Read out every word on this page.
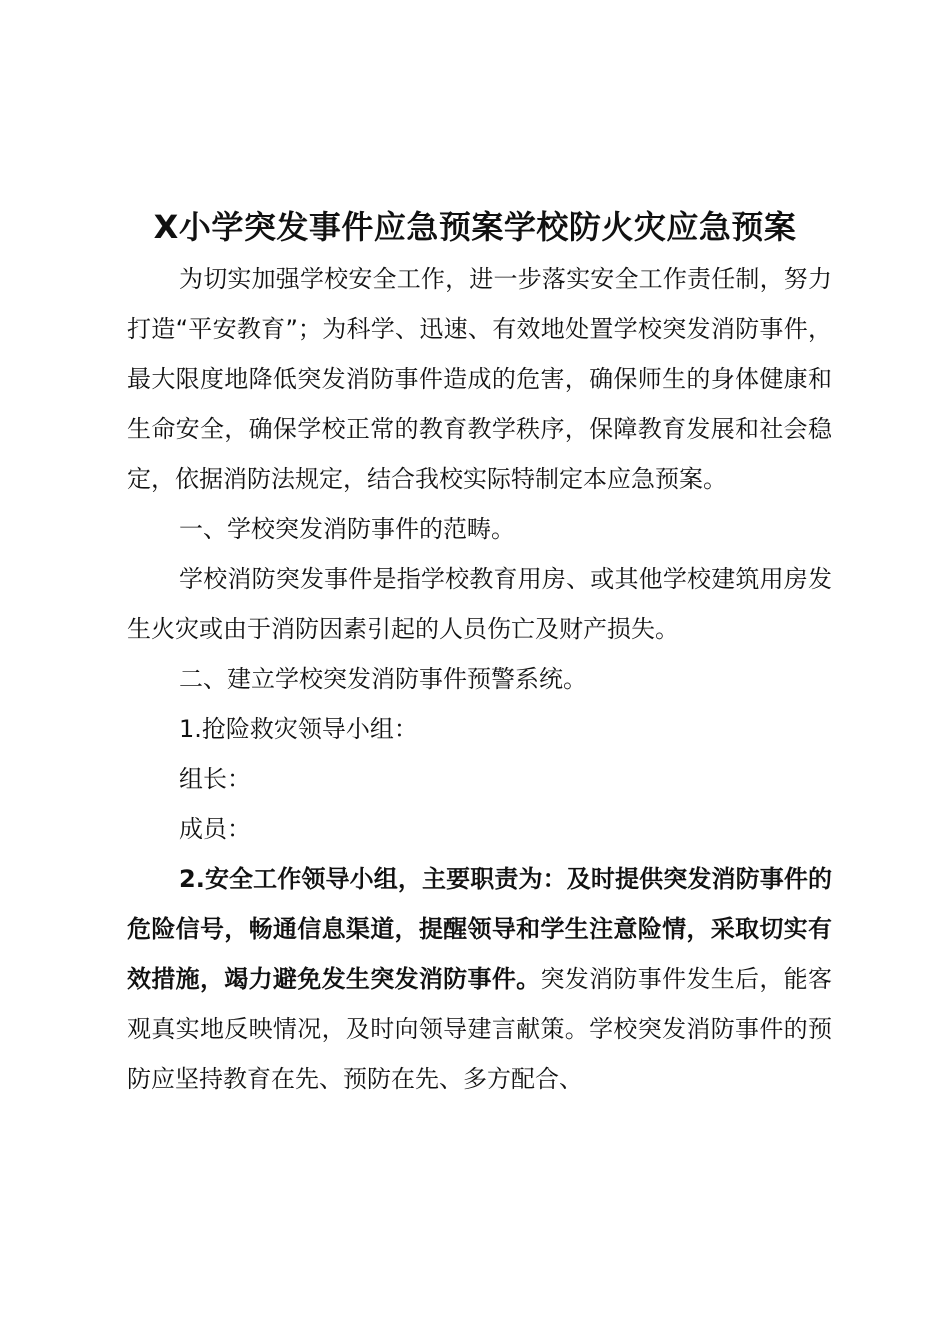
X小学突发事件应急预案学校防火灾应急预案

为切实加强学校安全工作，进一步落实安全工作责任制，努力打造“平安教育”；为科学、迅速、有效地处置学校突发消防事件，最大限度地降低突发消防事件造成的危害，确保师生的身体健康和生命安全，确保学校正常的教育教学秩序，保障教育发展和社会稳定，依据消防法规定，结合我校实际特制定本应急预案。

一、学校突发消防事件的范畴。

学校消防突发事件是指学校教育用房、或其他学校建筑用房发生火灾或由于消防因素引起的人员伤亡及财产损失。

二、建立学校突发消防事件预警系统。

1.抢险救灾领导小组：

组长：

成员：

2.安全工作领导小组，主要职责为：及时提供突发消防事件的危险信号，畅通信息渠道，提醒领导和学生注意险情，采取切实有效措施，竭力避免发生突发消防事件。突发消防事件发生后，能客观真实地反映情况，及时向领导建言献策。学校突发消防事件的预防应坚持教育在先、预防在先、多方配合、
